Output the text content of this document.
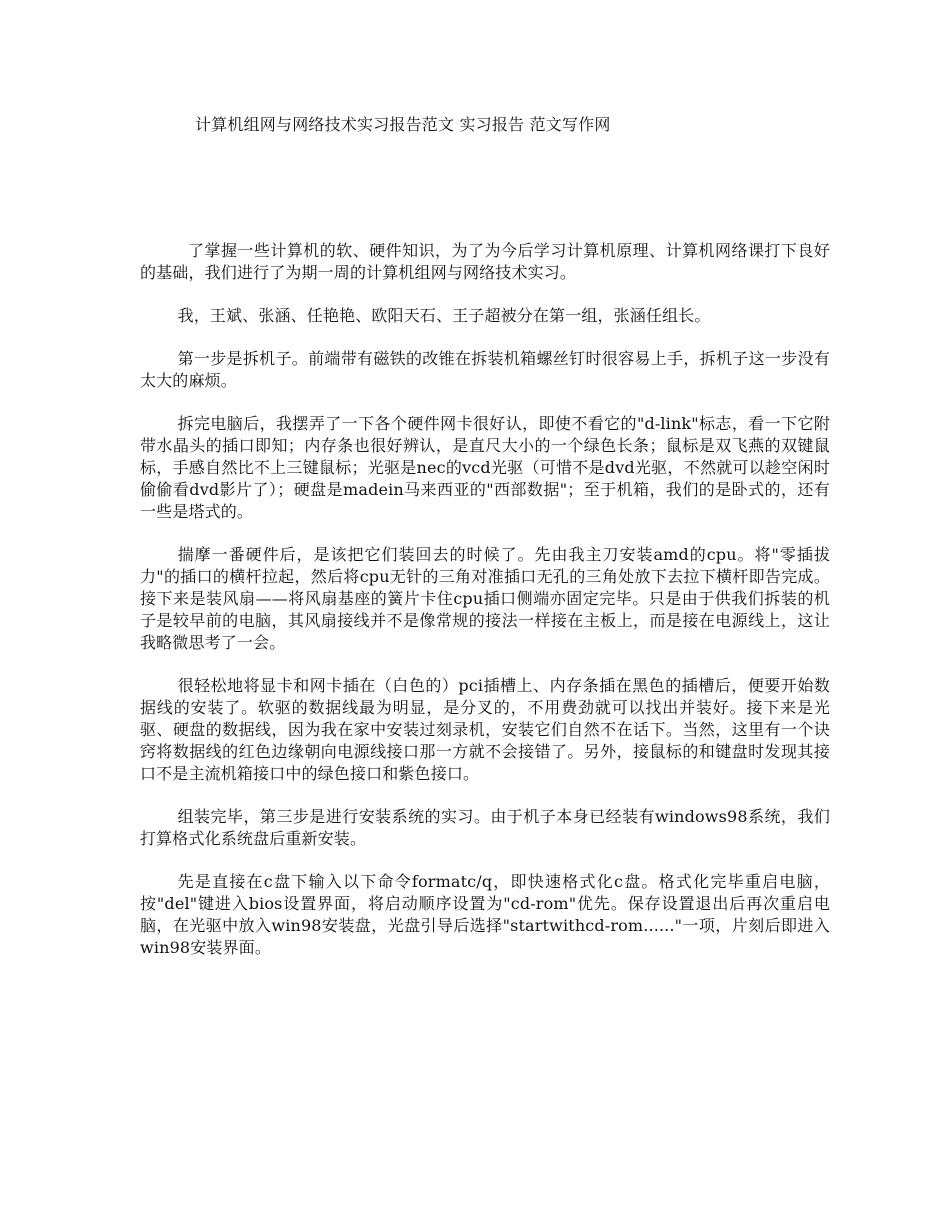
计算机组网与网络技术实习报告范文 实习报告 范文写作网

了掌握一些计算机的软、硬件知识，为了为今后学习计算机原理、计算机网络课打下良好的基础，我们进行了为期一周的计算机组网与网络技术实习。

我，王斌、张涵、任艳艳、欧阳天石、王子超被分在第一组，张涵任组长。

第一步是拆机子。前端带有磁铁的改锥在拆装机箱螺丝钉时很容易上手，拆机子这一步没有太大的麻烦。

拆完电脑后，我摆弄了一下各个硬件网卡很好认，即使不看它的"d-link"标志，看一下它附带水晶头的插口即知；内存条也很好辨认，是直尺大小的一个绿色长条；鼠标是双飞燕的双键鼠标，手感自然比不上三键鼠标；光驱是nec的vcd光驱（可惜不是dvd光驱，不然就可以趁空闲时偷偷看dvd影片了）；硬盘是madein马来西亚的"西部数据"；至于机箱，我们的是卧式的，还有一些是塔式的。

揣摩一番硬件后，是该把它们装回去的时候了。先由我主刀安装amd的cpu。将"零插拔力"的插口的横杆拉起，然后将cpu无针的三角对准插口无孔的三角处放下去拉下横杆即告完成。接下来是装风扇——将风扇基座的簧片卡住cpu插口侧端亦固定完毕。只是由于供我们拆装的机子是较早前的电脑，其风扇接线并不是像常规的接法一样接在主板上，而是接在电源线上，这让我略微思考了一会。

很轻松地将显卡和网卡插在（白色的）pci插槽上、内存条插在黑色的插槽后，便要开始数据线的安装了。软驱的数据线最为明显，是分叉的，不用费劲就可以找出并装好。接下来是光驱、硬盘的数据线，因为我在家中安装过刻录机，安装它们自然不在话下。当然，这里有一个诀窍将数据线的红色边缘朝向电源线接口那一方就不会接错了。另外，接鼠标的和键盘时发现其接口不是主流机箱接口中的绿色接口和紫色接口。

组装完毕，第三步是进行安装系统的实习。由于机子本身已经装有windows98系统，我们打算格式化系统盘后重新安装。

先是直接在c盘下输入以下命令formatc/q，即快速格式化c盘。格式化完毕重启电脑，按"del"键进入bios设置界面，将启动顺序设置为"cd-rom"优先。保存设置退出后再次重启电脑，在光驱中放入win98安装盘，光盘引导后选择"startwithcd-rom......"一项，片刻后即进入win98安装界面。
